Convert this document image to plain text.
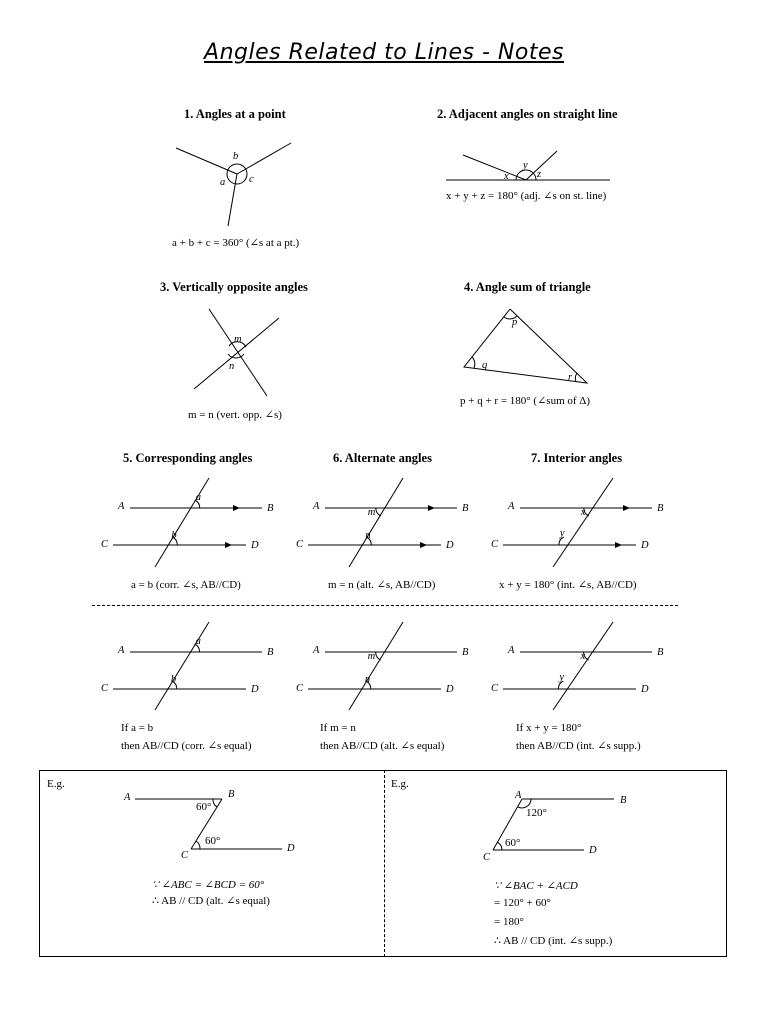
Angles Related to Lines - Notes
1. Angles at a point
b
a c
a + b + c = 360° (∠s at a pt.)
2. Adjacent angles on straight line
y
x	z
x + y + z = 180° (adj. ∠s on st. line)
3. Vertically opposite angles
m
n
m = n (vert. opp. ∠s)
4. Angle sum of triangle
p
q
r
p + q + r = 180° (∠sum of Δ)
5. Corresponding angles	6. Alternate angles	7. Interior angles
a = b (corr. ∠s, AB//CD)	m = n (alt. ∠s, AB//CD)	x + y = 180° (int. ∠s, AB//CD)
If a = b
then AB//CD (corr. ∠s equal)
If m = n
then AB//CD (alt. ∠s equal)
If x + y = 180°
then AB//CD (int. ∠s supp.)
A	B
C	D
a
b
A	B
C	D
m
n
A	B
C	D
x
y
A	B
C	D
a
b
A	B
C	D
m
n
A	B
C	D
x
y
E.g.
A	B
C
D
60°
60°
∵ ∠ABC = ∠BCD = 60°
∴ AB // CD (alt. ∠s equal)
E.g.
A	B
C
D
120°
60°
∵ ∠BAC + ∠ACD
= 120° + 60°
= 180°
∴ AB // CD (int. ∠s supp.)
